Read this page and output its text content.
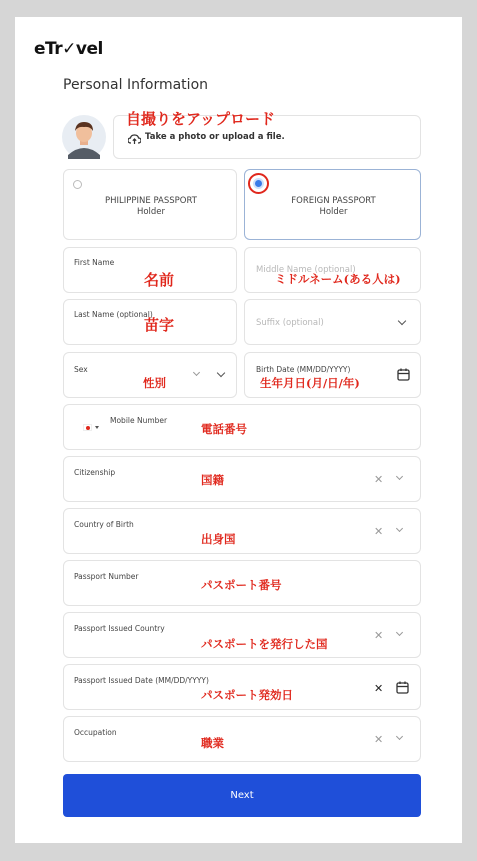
eTr✓vel
Personal Information
Take a photo or upload a file.
自撮りをアップロード
PHILIPPINE PASSPORT
Holder
FOREIGN PASSPORT
Holder
First Name
名前
Middle Name (optional)
ミドルネーム(ある人は)
Last Name (optional)
苗字	Suffix (optional)
Sex
性別
Birth Date (MM/DD/YYYY)
生年月日(月/日/年)
Mobile Number
電話番号
Citizenship
✕
国籍
Country of Birth
✕
出身国
Passport Number
パスポート番号
Passport Issued Country
✕
パスポートを発行した国
Passport Issued Date (MM/DD/YYYY)
✕
パスポート発効日
Occupation
✕
職業
Next
